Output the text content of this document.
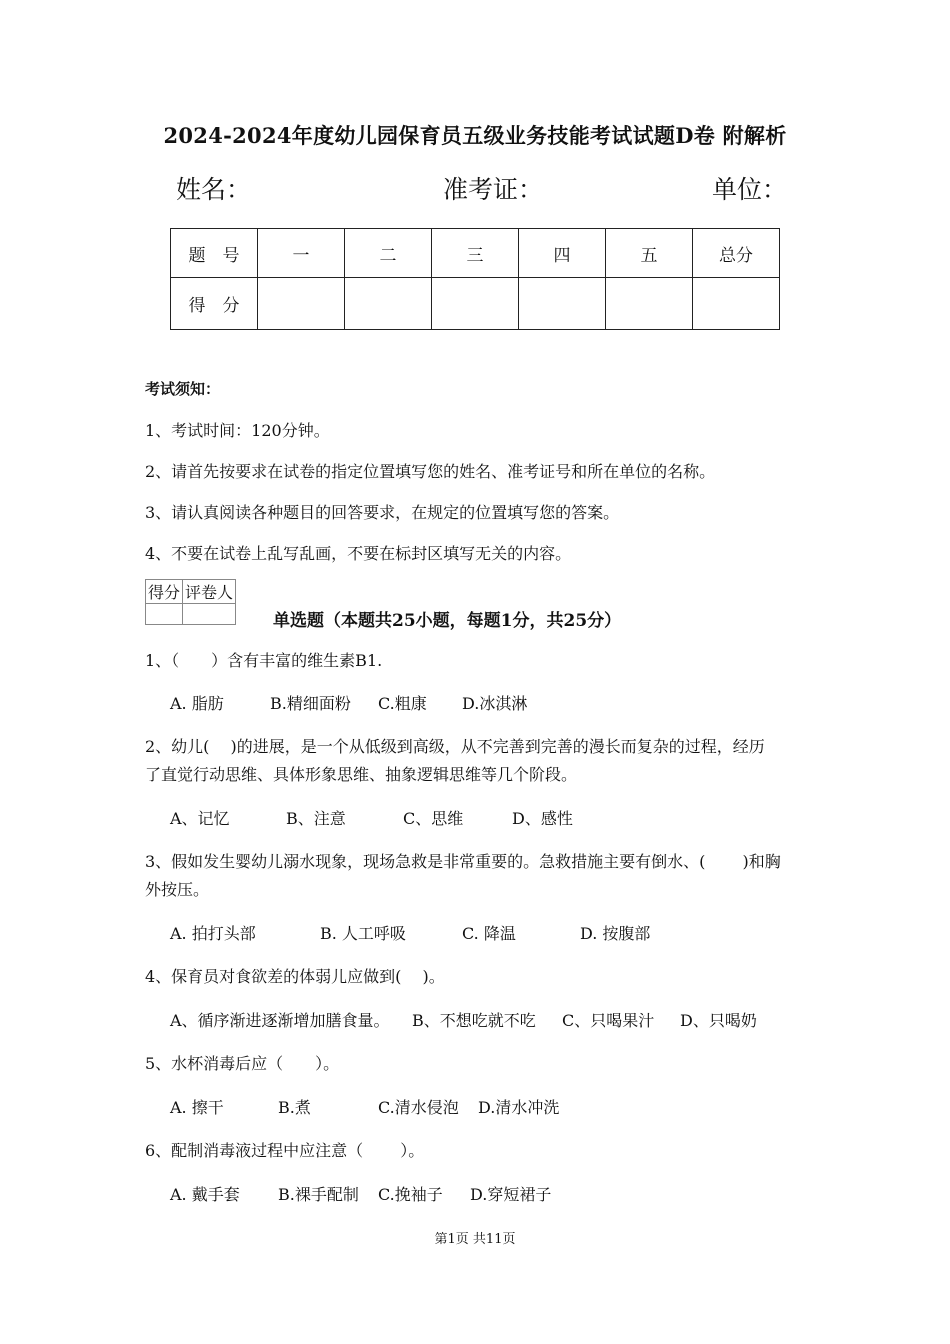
2024-2024年度幼儿园保育员五级业务技能考试试题D卷 附解析
姓名：	准考证：	单位：
题　号	一	二	三	四	五	总分
得　分						
考试须知：
1、考试时间：120分钟。
2、请首先按要求在试卷的指定位置填写您的姓名、准考证号和所在单位的名称。
3、请认真阅读各种题目的回答要求，在规定的位置填写您的答案。
4、不要在试卷上乱写乱画，不要在标封区填写无关的内容。
得分	评卷人

单选题（本题共25小题，每题1分，共25分）
1、（　　）含有丰富的维生素B1.
A. 脂肪	B.精细面粉 C.粗康 D.冰淇淋
2、幼儿(　 )的进展，是一个从低级到高级，从不完善到完善的漫长而复杂的过程，经历
了直觉行动思维、具体形象思维、抽象逻辑思维等几个阶段。
A、记忆	B、注意	C、思维	D、感性
3、假如发生婴幼儿溺水现象，现场急救是非常重要的。急救措施主要有倒水、(　　 )和胸
外按压。
A. 拍打头部	B. 人工呼吸	C. 降温	D. 按腹部
4、保育员对食欲差的体弱儿应做到(　 )。
A、循序渐进逐渐增加膳食量。 B、不想吃就不吃 C、只喝果汁 D、只喝奶
5、水杯消毒后应（　　）。
A. 擦干	B.煮	C.清水侵泡 D.清水冲洗
6、配制消毒液过程中应注意（　　 ）。
A. 戴手套 B.裸手配制 C.挽袖子 D.穿短裙子
第1页 共11页
